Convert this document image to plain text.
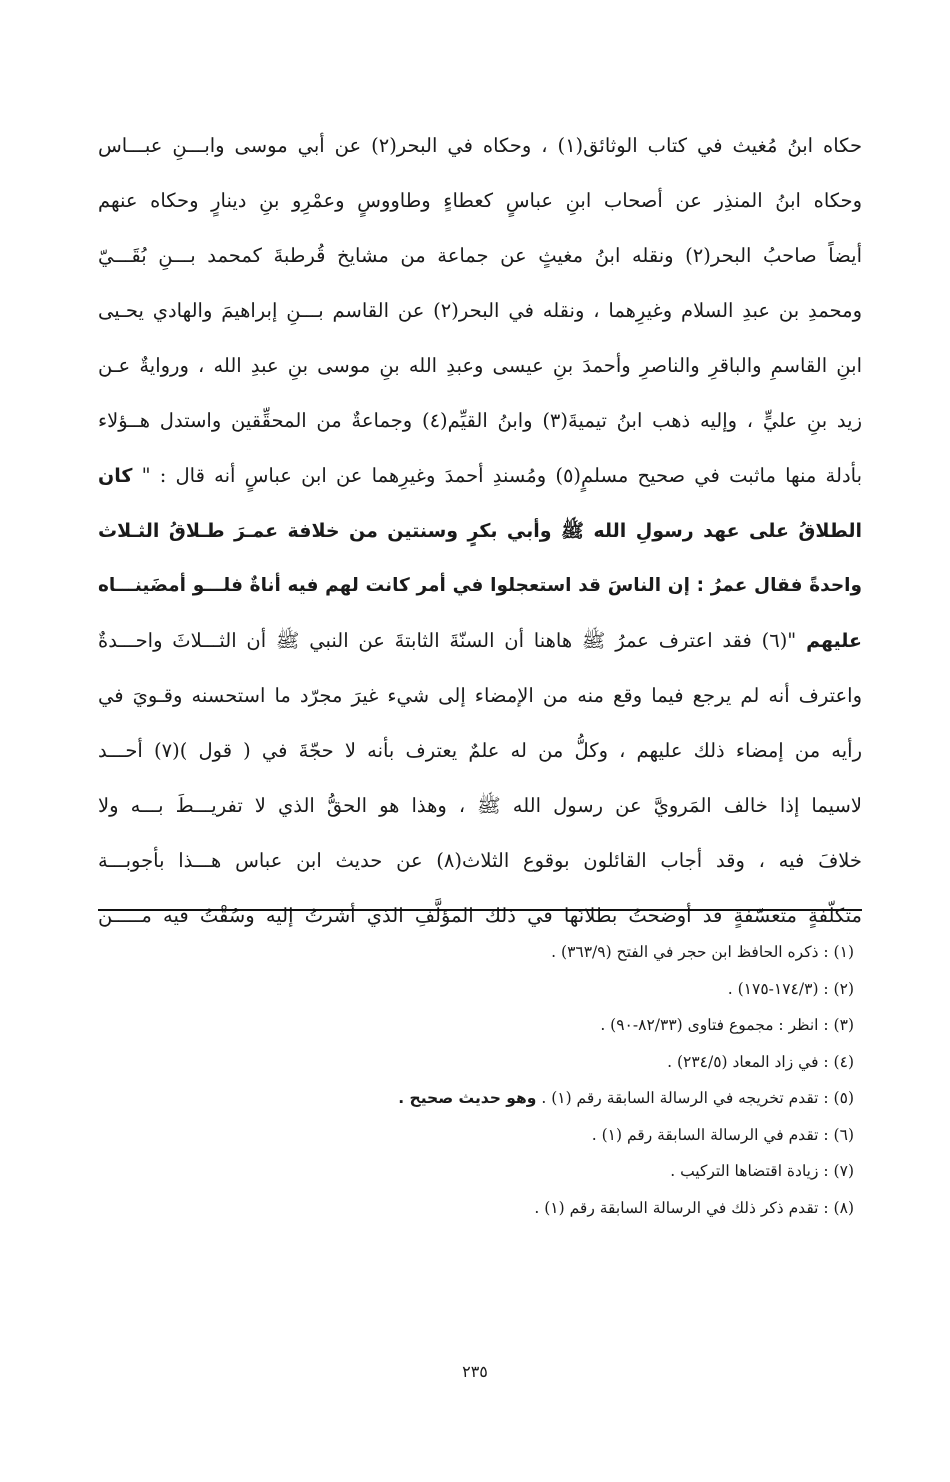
حكاه ابنُ مُغيث في كتاب الوثائق(١) ، وحكاه في البحر(٢) عن أبي موسى وابـــنِ عبـــاس
وحكاه ابنُ المنذِر عن أصحاب ابنِ عباسٍ كعطاءٍ وطاووسٍ وعمْرِو بنِ دينارٍ وحكاه عنهم
أيضاً صاحبُ البحر(٢) ونقله ابنُ مغيثٍ عن جماعة من مشايخ قُرطبةَ كمحمد بـــنِ بُقَـــيّ
ومحمدِ بن عبدِ السلام وغيرِهما ، ونقله في البحر(٢) عن القاسم بـــنِ إبراهيمَ والهادي يحـيى
ابنِ القاسمِ والباقرِ والناصرِ وأحمدَ بنِ عيسى وعبدِ الله بنِ موسى بنِ عبدِ الله ، وروايةٌ عـن
زيد بنِ عليٍّ ، وإليه ذهب ابنُ تيميةَ(٣) وابنُ القيِّم(٤) وجماعةٌ من المحقِّقين واستدل هــؤلاء
بأدلة منها ماثبت في صحيح مسلمٍ(٥) ومُسندِ أحمدَ وغيرِهما عن ابن عباسٍ أنه قال : " كان
الطلاقُ على عهد رسولِ الله ﷺ وأبي بكرٍ وسنتين من خلافة عمـرَ طـلاقُ الثـلاث
واحدةً فقال عمرُ : إن الناسَ قد استعجلوا في أمر كانت لهم فيه أناةٌ فلـــو أمضَينـــاه
عليهم "(٦) فقد اعترف عمرُ ﷺ هاهنا أن السنّةَ الثابتةَ عن النبي ﷺ أن الثـــلاثَ واحـــدةٌ
واعترف أنه لم يرجع فيما وقع منه من الإمضاء إلى شيء غيرَ مجرّد ما استحسنه وقـويَ في
رأيه من إمضاء ذلك عليهم ، وكلُّ من له علمٌ يعترف بأنه لا حجّةَ في ( قول )(٧) أحـــد
لاسيما إذا خالف المَرويَّ عن رسول الله ﷺ ، وهذا هو الحقُّ الذي لا تفريـــطَ بـــه ولا
خلافَ فيه ، وقد أجاب القائلون بوقوع الثلاث(٨) عن حديث ابن عباس هـــذا بأجوبـــة
متكلّفةٍ متعسّفةٍ قد أوضحتُ بطلانَها في ذلك المؤلَّفِ الذي أشرتُ إليه وسُقْتُ فيه مـــــن
(١) : ذكره الحافظ ابن حجر في الفتح (٣٦٣/٩) .
(٢) : (١٧٤/٣-١٧٥) .
(٣) : انظر : مجموع فتاوى (٨٢/٣٣-٩٠) .
(٤) : في زاد المعاد (٢٣٤/٥) .
(٥) : تقدم تخريجه في الرسالة السابقة رقم (١) . وهو حديث صحيح .
(٦) : تقدم في الرسالة السابقة رقم (١) .
(٧) : زيادة اقتضاها التركيب .
(٨) : تقدم ذكر ذلك في الرسالة السابقة رقم (١) .
٢٣٥
